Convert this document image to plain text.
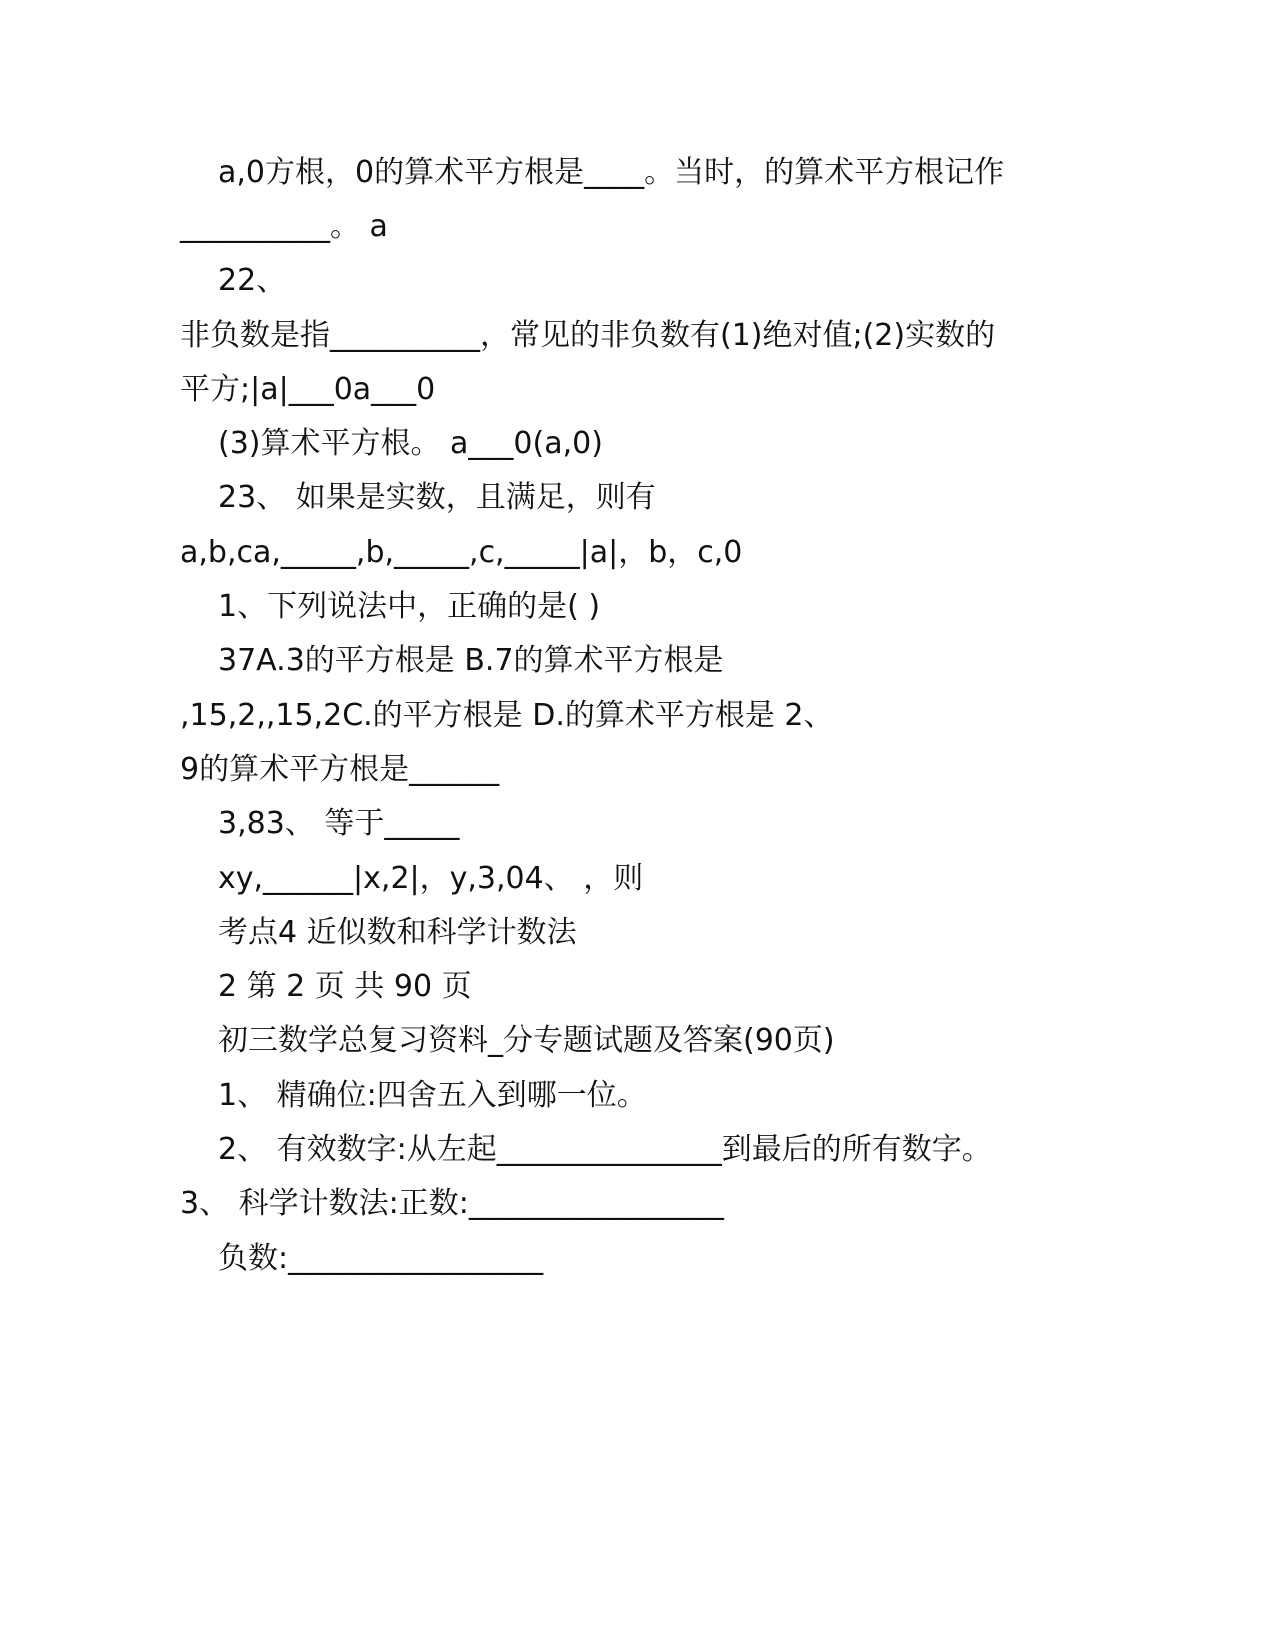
a,0方根，0的算术平方根是____。当时，的算术平方根记作
__________。 a
22、
非负数是指__________，常见的非负数有(1)绝对值;(2)实数的
平方;|a|___0a___0
(3)算术平方根。 a___0(a,0)
23、 如果是实数，且满足，则有
a,b,ca,_____,b,_____,c,_____|a|，b，c,0
1、下列说法中，正确的是( )
37A.3的平方根是 B.7的算术平方根是
,15,2,,15,2C.的平方根是 D.的算术平方根是 2、
9的算术平方根是______
3,83、 等于_____
xy,______|x,2|，y,3,04、 ，则
考点4 近似数和科学计数法
2 第 2 页 共 90 页
初三数学总复习资料_分专题试题及答案(90页)
1、 精确位:四舍五入到哪一位。
2、 有效数字:从左起_______________到最后的所有数字。
3、 科学计数法:正数:_________________
负数:_________________
